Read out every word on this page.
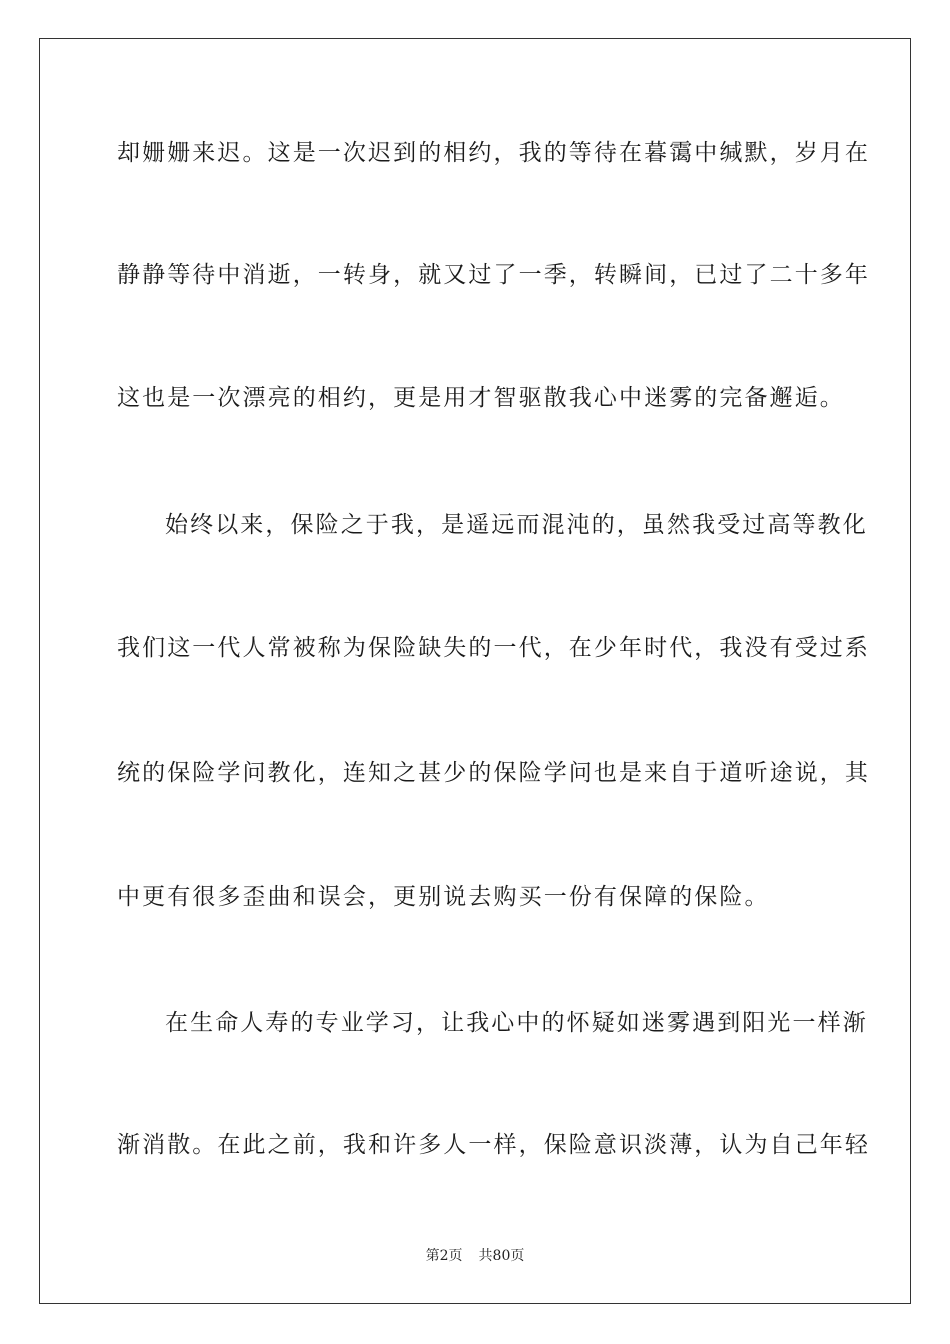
却姗姗来迟。这是一次迟到的相约，我的等待在暮霭中缄默，岁月在
静静等待中消逝，一转身，就又过了一季，转瞬间，已过了二十多年
这也是一次漂亮的相约，更是用才智驱散我心中迷雾的完备邂逅。
始终以来，保险之于我，是遥远而混沌的，虽然我受过高等教化
我们这一代人常被称为保险缺失的一代，在少年时代，我没有受过系
统的保险学问教化，连知之甚少的保险学问也是来自于道听途说，其
中更有很多歪曲和误会，更别说去购买一份有保障的保险。
在生命人寿的专业学习，让我心中的怀疑如迷雾遇到阳光一样渐
渐消散。在此之前，我和许多人一样，保险意识淡薄，认为自己年轻
第2页 共80页
